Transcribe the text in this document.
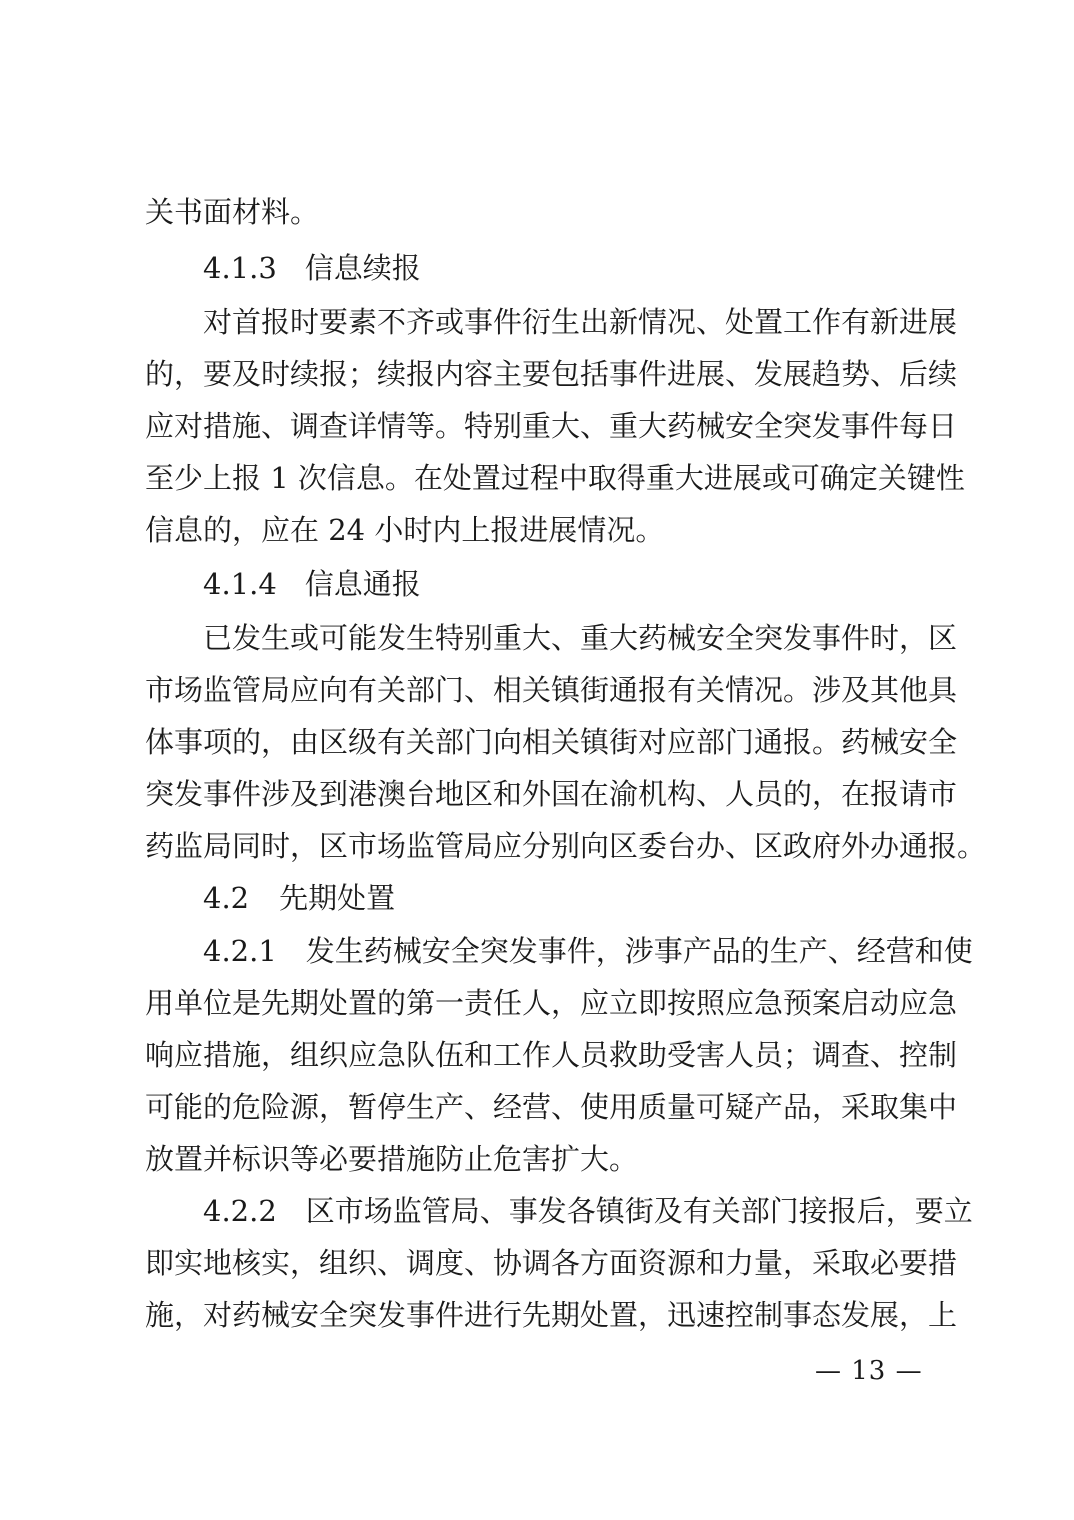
关书面材料。
4.1.3 信息续报
对首报时要素不齐或事件衍生出新情况、处置工作有新进展
的，要及时续报；续报内容主要包括事件进展、发展趋势、后续
应对措施、调查详情等。特别重大、重大药械安全突发事件每日
至少上报 1 次信息。在处置过程中取得重大进展或可确定关键性
信息的，应在 24 小时内上报进展情况。
4.1.4 信息通报
已发生或可能发生特别重大、重大药械安全突发事件时，区
市场监管局应向有关部门、相关镇街通报有关情况。涉及其他具
体事项的，由区级有关部门向相关镇街对应部门通报。药械安全
突发事件涉及到港澳台地区和外国在渝机构、人员的，在报请市
药监局同时，区市场监管局应分别向区委台办、区政府外办通报。
4.2 先期处置
4.2.1　发生药械安全突发事件，涉事产品的生产、经营和使
用单位是先期处置的第一责任人，应立即按照应急预案启动应急
响应措施，组织应急队伍和工作人员救助受害人员；调查、控制
可能的危险源，暂停生产、经营、使用质量可疑产品，采取集中
放置并标识等必要措施防止危害扩大。
4.2.2　区市场监管局、事发各镇街及有关部门接报后，要立
即实地核实，组织、调度、协调各方面资源和力量，采取必要措
施，对药械安全突发事件进行先期处置，迅速控制事态发展，上
— 13 —
